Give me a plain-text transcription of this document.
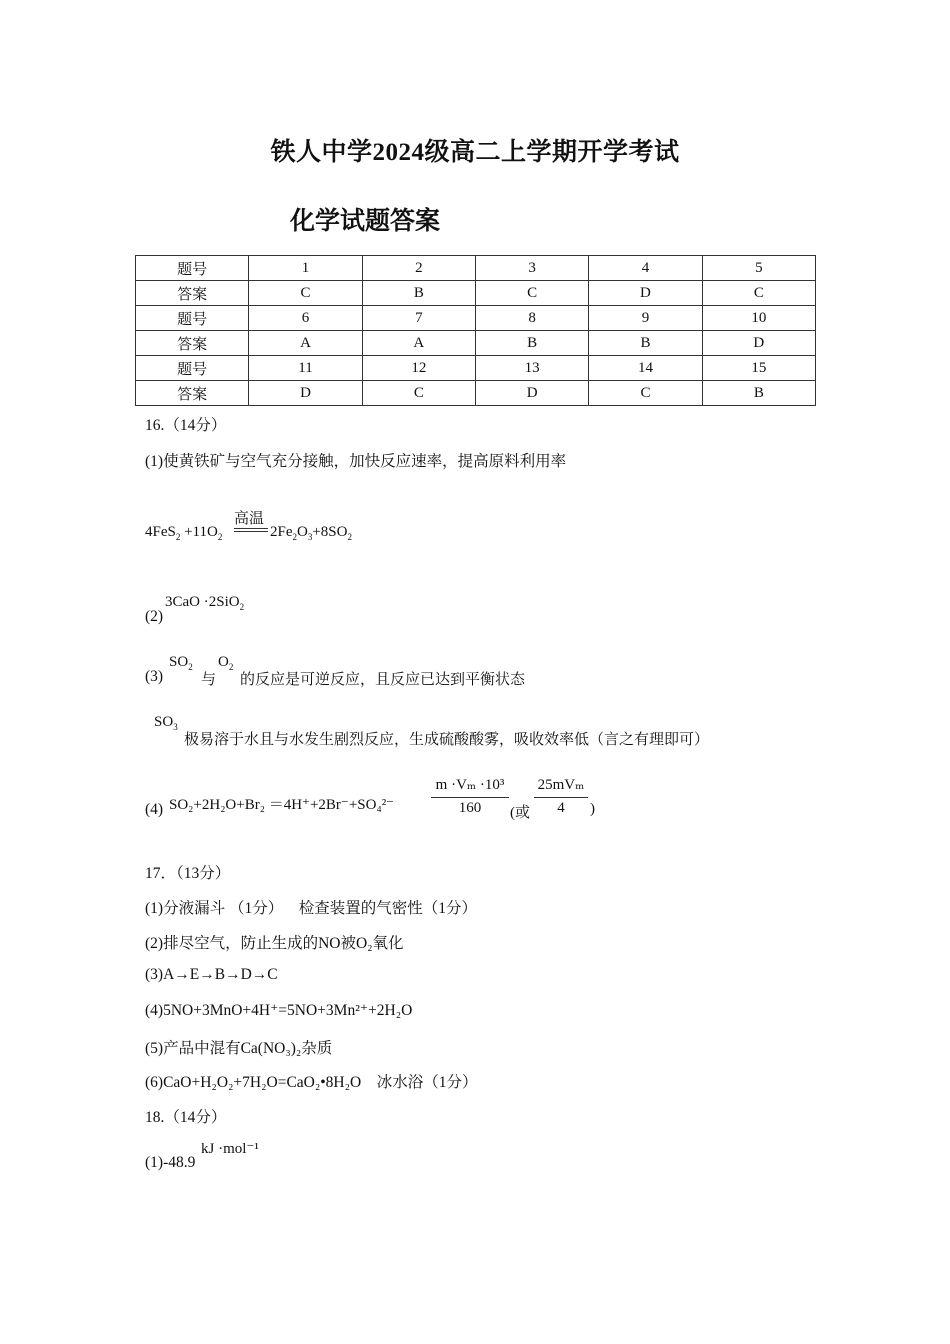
铁人中学2024级高二上学期开学考试
化学试题答案
题号	1	2	3	4	5
答案	C	B	C	D	C
题号	6	7	8	9	10
答案	A	A	B	B	D
题号	11	12	13	14	15
答案	D	C	D	C	B
16.（14分）
(1)使黄铁矿与空气充分接触，加快反应速率，提高原料利用率
高温
$4FeS_2 +11O_2$	$2Fe_2O_3+8SO_2$
(2)
3CaO ·2SiO$_2$
(3)
$SO_2$
与
$O_2$
的反应是可逆反应，且反应已达到平衡状态
$SO_3$
极易溶于水且与水发生剧烈反应，生成硫酸酸雾，吸收效率低（言之有理即可）
(4) SO₂+2H₂O+Br₂ ＝4H⁺+2Br⁻+SO₄²⁻
m ·Vₘ ·10³
160	(或
25mVₘ
4	)
17．（13分）
(1)分液漏斗 （1分）    检查装置的气密性（1分）
(2)排尽空气，防止生成的NO被O₂氧化
(3)A→E→B→D→C
(4)5NO+3MnO+4H⁺=5NO+3Mn²⁺+2H₂O
(5)产品中混有Ca(NO₃)₂杂质
(6)CaO+H₂O₂+7H₂O=CaO₂•8H₂O    冰水浴（1分）
18.（14分）
(1)-48.9
kJ ·mol⁻¹
